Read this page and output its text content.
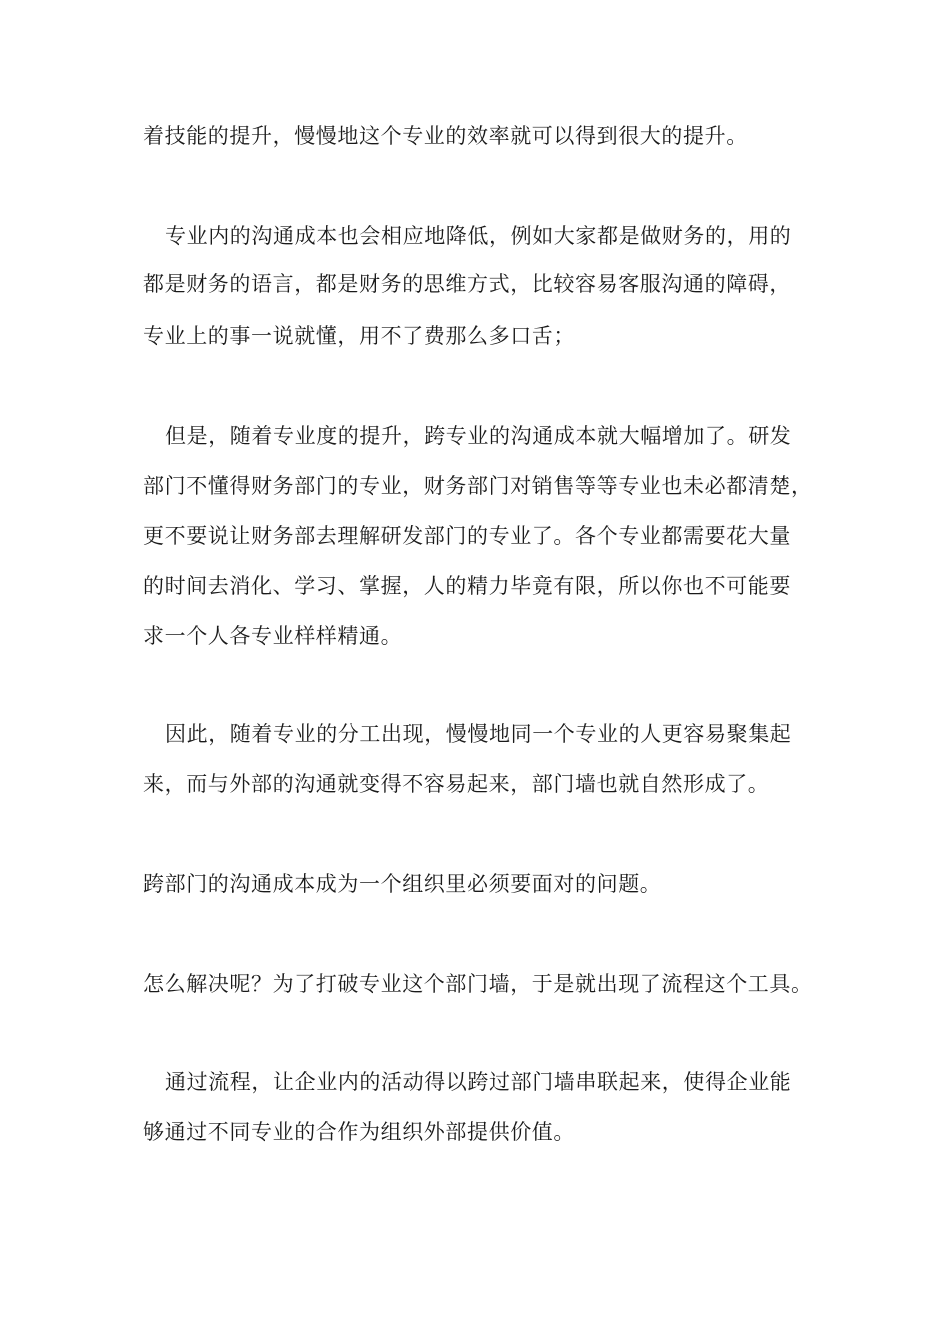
着技能的提升，慢慢地这个专业的效率就可以得到很大的提升。

专业内的沟通成本也会相应地降低，例如大家都是做财务的，用的

都是财务的语言，都是财务的思维方式，比较容易客服沟通的障碍，

专业上的事一说就懂，用不了费那么多口舌；

但是，随着专业度的提升，跨专业的沟通成本就大幅增加了。研发

部门不懂得财务部门的专业，财务部门对销售等等专业也未必都清楚，

更不要说让财务部去理解研发部门的专业了。各个专业都需要花大量

的时间去消化、学习、掌握，人的精力毕竟有限，所以你也不可能要

求一个人各专业样样精通。

因此，随着专业的分工出现，慢慢地同一个专业的人更容易聚集起

来，而与外部的沟通就变得不容易起来，部门墙也就自然形成了。

跨部门的沟通成本成为一个组织里必须要面对的问题。

怎么解决呢？为了打破专业这个部门墙，于是就出现了流程这个工具。

通过流程，让企业内的活动得以跨过部门墙串联起来，使得企业能

够通过不同专业的合作为组织外部提供价值。
